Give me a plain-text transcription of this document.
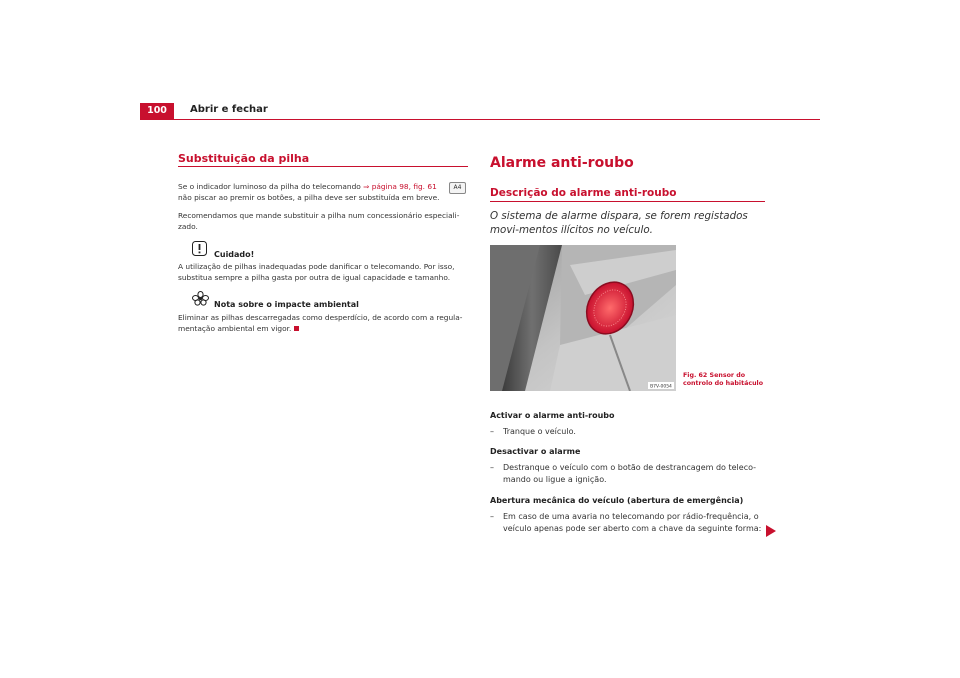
100	Abrir e fechar
Substituição da pilha
Se o indicador luminoso da pilha do telecomando ⇒ página 98, fig. 61
não piscar ao premir os botões, a pilha deve ser substituída em breve.
A4
Recomendamos que mande substituir a pilha num concessionário especiali-zado.
Cuidado!
A utilização de pilhas inadequadas pode danificar o telecomando. Por isso, substitua sempre a pilha gasta por outra de igual capacidade e tamanho.
Nota sobre o impacte ambiental
Eliminar as pilhas descarregadas como desperdício, de acordo com a regula-mentação ambiental em vigor.
Alarme anti-roubo
Descrição do alarme anti-roubo
O sistema de alarme dispara, se forem registados movi-mentos ilícitos no veículo.
B7V-0054
Fig. 62 Sensor do
controlo do habitáculo
Activar o alarme anti-roubo
–	Tranque o veículo.
Desactivar o alarme
–	Destranque o veículo com o botão de destrancagem do teleco-mando ou ligue a ignição.
Abertura mecânica do veículo (abertura de emergência)
–	Em caso de uma avaria no telecomando por rádio-frequência, o veículo apenas pode ser aberto com a chave da seguinte forma:
